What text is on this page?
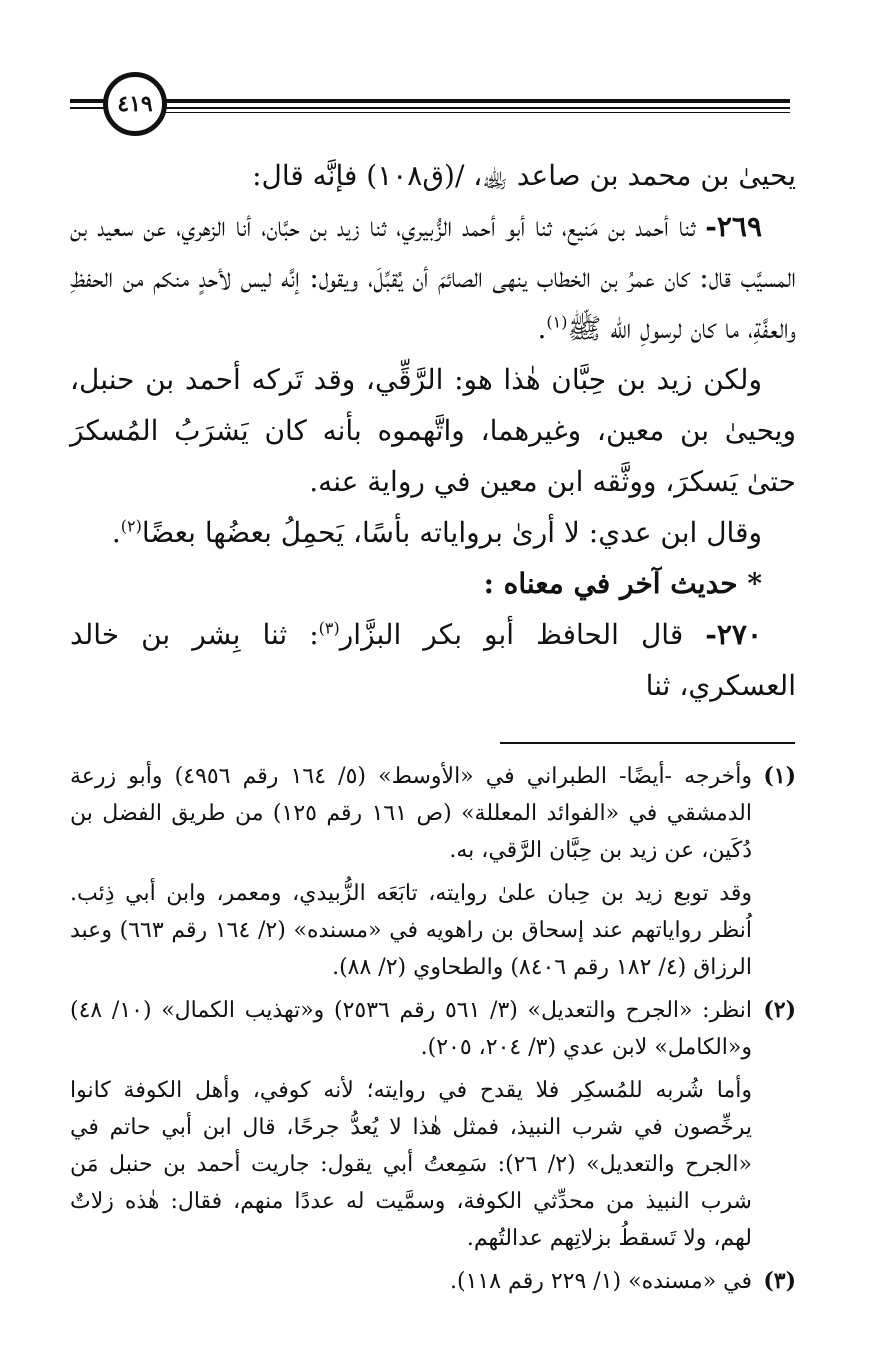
٤١٩

يحيىٰ بن محمد بن صاعد ﵀، /(ق١٠٨) فإنَّه قال:

٢٦٩- ثنا أحمد بن مَنيع، ثنا أبو أحمد الزُّبيري، ثنا زيد بن حبَّان، أنا الزهري، عن سعيد بن المسيَّب قال: كان عمرُ بن الخطاب ينهى الصائمَ أن يُقبِّلَ، ويقول: إنَّه ليس لأحدٍ منكم من الحفظِ والعفَّةِ، ما كان لرسولِ الله ﷺ$^{(١)}$.

ولكن زيد بن حِبَّان هٰذا هو: الرَّقِّي، وقد تَركه أحمد بن حنبل، ويحيىٰ بن معين، وغيرهما، واتَّهموه بأنه كان يَشرَبُ المُسكرَ حتىٰ يَسكرَ، ووثَّقه ابن معين في رواية عنه.

وقال ابن عدي: لا أرىٰ برواياته بأسًا، يَحمِلُ بعضُها بعضًا$^{(٢)}$.

* حديث آخر في معناه :

٢٧٠- قال الحافظ أبو بكر البزَّار$^{(٣)}$: ثنا بِشر بن خالد العسكري، ثنا

(١)

وأخرجه -أيضًا- الطبراني في «الأوسط» (٥/ ١٦٤ رقم ٤٩٥٦) وأبو زرعة الدمشقي في «الفوائد المعللة» (ص ١٦١ رقم ١٢٥) من طريق الفضل بن دُكَين، عن زيد بن حِبَّان الرَّقي، به.

وقد توبع زيد بن حِبان علىٰ روايته، تابَعَه الزُّبيدي، ومعمر، وابن أبي ذِئب. اُنظر رواياتهم عند إسحاق بن راهويه في «مسنده» (٢/ ١٦٤ رقم ٦٦٣) وعبد الرزاق (٤/ ١٨٢ رقم ٨٤٠٦) والطحاوي (٢/ ٨٨).

(٢)

انظر: «الجرح والتعديل» (٣/ ٥٦١ رقم ٢٥٣٦) و«تهذيب الكمال» (١٠/ ٤٨) و«الكامل» لابن عدي (٣/ ٢٠٤، ٢٠٥).

وأما شُربه للمُسكِر فلا يقدح في روايته؛ لأنه كوفي، وأهل الكوفة كانوا يرخِّصون في شرب النبيذ، فمثل هٰذا لا يُعدُّ جرحًا، قال ابن أبي حاتم في «الجرح والتعديل» (٢/ ٢٦): سَمِعتُ أبي يقول: جاريت أحمد بن حنبل مَن شرب النبيذ من محدِّثي الكوفة، وسمَّيت له عددًا منهم، فقال: هٰذه زلاتٌ لهم، ولا تَسقطُ بزلاتِهم عدالتُهم.

(٣)

في «مسنده» (١/ ٢٢٩ رقم ١١٨).
